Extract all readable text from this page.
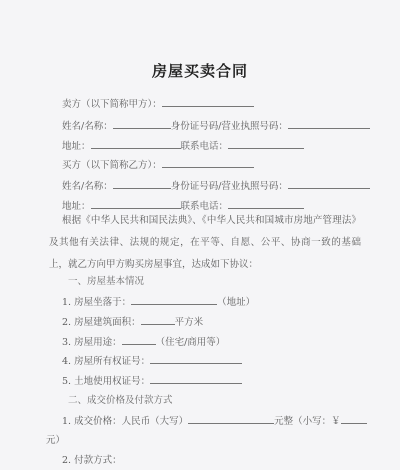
房屋买卖合同
卖方（以下简称甲方）：
姓名/名称：	身份证号码/营业执照号码：
地址：	联系电话：
买方（以下简称乙方）：
姓名/名称：	身份证号码/营业执照号码：
地址：	联系电话：
根据《中华人民共和国民法典》、《中华人民共和国城市房地产管理法》及其他有关法律、法规的规定，在平等、自愿、公平、协商一致的基础上，就乙方向甲方购买房屋事宜，达成如下协议：
一、房屋基本情况
1. 房屋坐落于：	（地址）
2. 房屋建筑面积：	平方米
3. 房屋用途：	（住宅/商用等）
4. 房屋所有权证号：
5. 土地使用权证号：
二、成交价格及付款方式
1. 成交价格：人民币（大写）	元整（小写：￥
元）
2. 付款方式：
